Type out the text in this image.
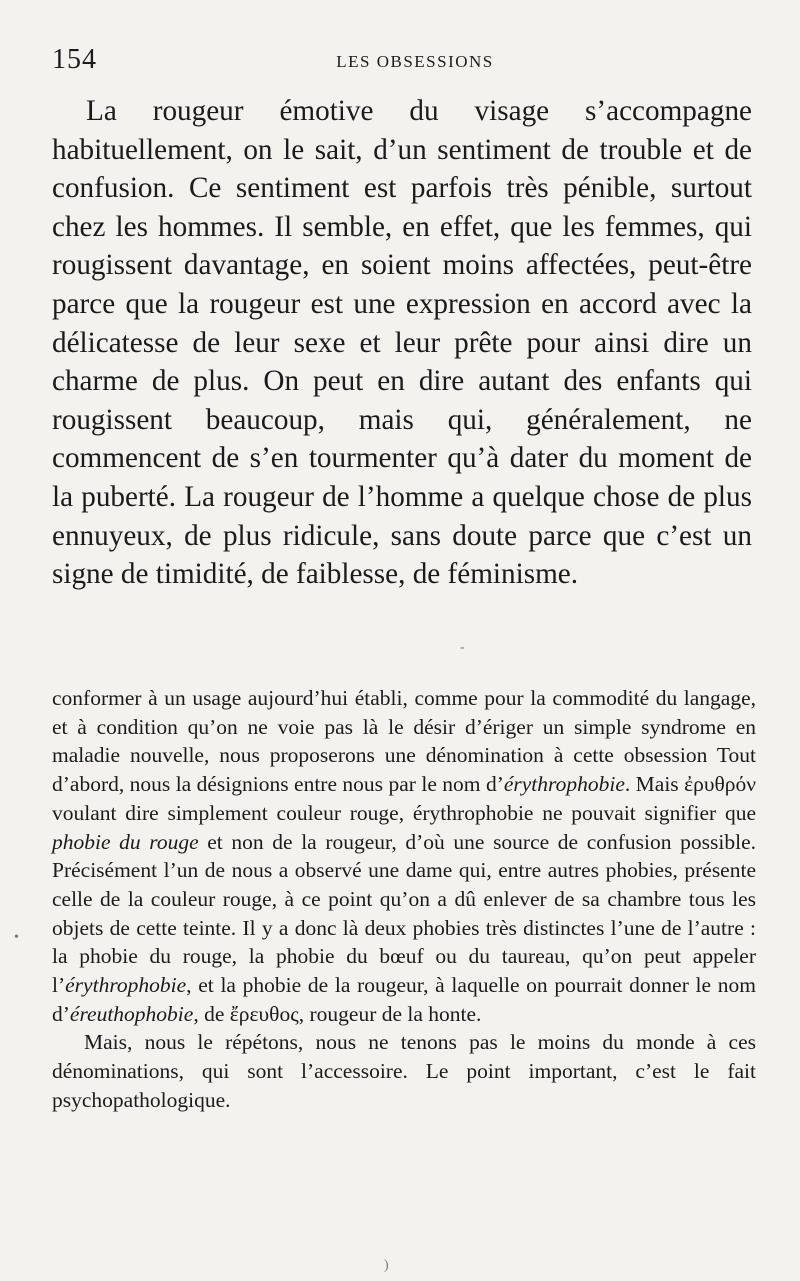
154	LES OBSESSIONS

La rougeur émotive du visage s’accompagne habituellement, on le sait, d’un sentiment de trouble et de confusion. Ce sentiment est parfois très pénible, surtout chez les hommes. Il semble, en effet, que les femmes, qui rougissent davantage, en soient moins affectées, peut-être parce que la rougeur est une expression en accord avec la délicatesse de leur sexe et leur prête pour ainsi dire un charme de plus. On peut en dire autant des enfants qui rougissent beaucoup, mais qui, généralement, ne commencent de s’en tourmenter qu’à dater du moment de la puberté. La rougeur de l’homme a quelque chose de plus ennuyeux, de plus ridicule, sans doute parce que c’est un signe de timidité, de faiblesse, de féminisme.

conformer à un usage aujourd’hui établi, comme pour la commodité du langage, et à condition qu’on ne voie pas là le désir d’ériger un simple syndrome en maladie nouvelle, nous proposerons une dénomination à cette obsession Tout d’abord, nous la désignions entre nous par le nom d’érythrophobie. Mais ἐρυθρόν voulant dire simplement couleur rouge, érythrophobie ne pouvait signifier que phobie du rouge et non de la rougeur, d’où une source de confusion possible. Précisément l’un de nous a observé une dame qui, entre autres phobies, présente celle de la couleur rouge, à ce point qu’on a dû enlever de sa chambre tous les objets de cette teinte. Il y a donc là deux phobies très distinctes l’une de l’autre : la phobie du rouge, la phobie du bœuf ou du taureau, qu’on peut appeler l’érythrophobie, et la phobie de la rougeur, à laquelle on pourrait donner le nom d’éreuthophobie, de ἔρευθος, rougeur de la honte.

Mais, nous le répétons, nous ne tenons pas le moins du monde à ces dénominations, qui sont l’accessoire. Le point important, c’est le fait psychopathologique.

-
•
)
